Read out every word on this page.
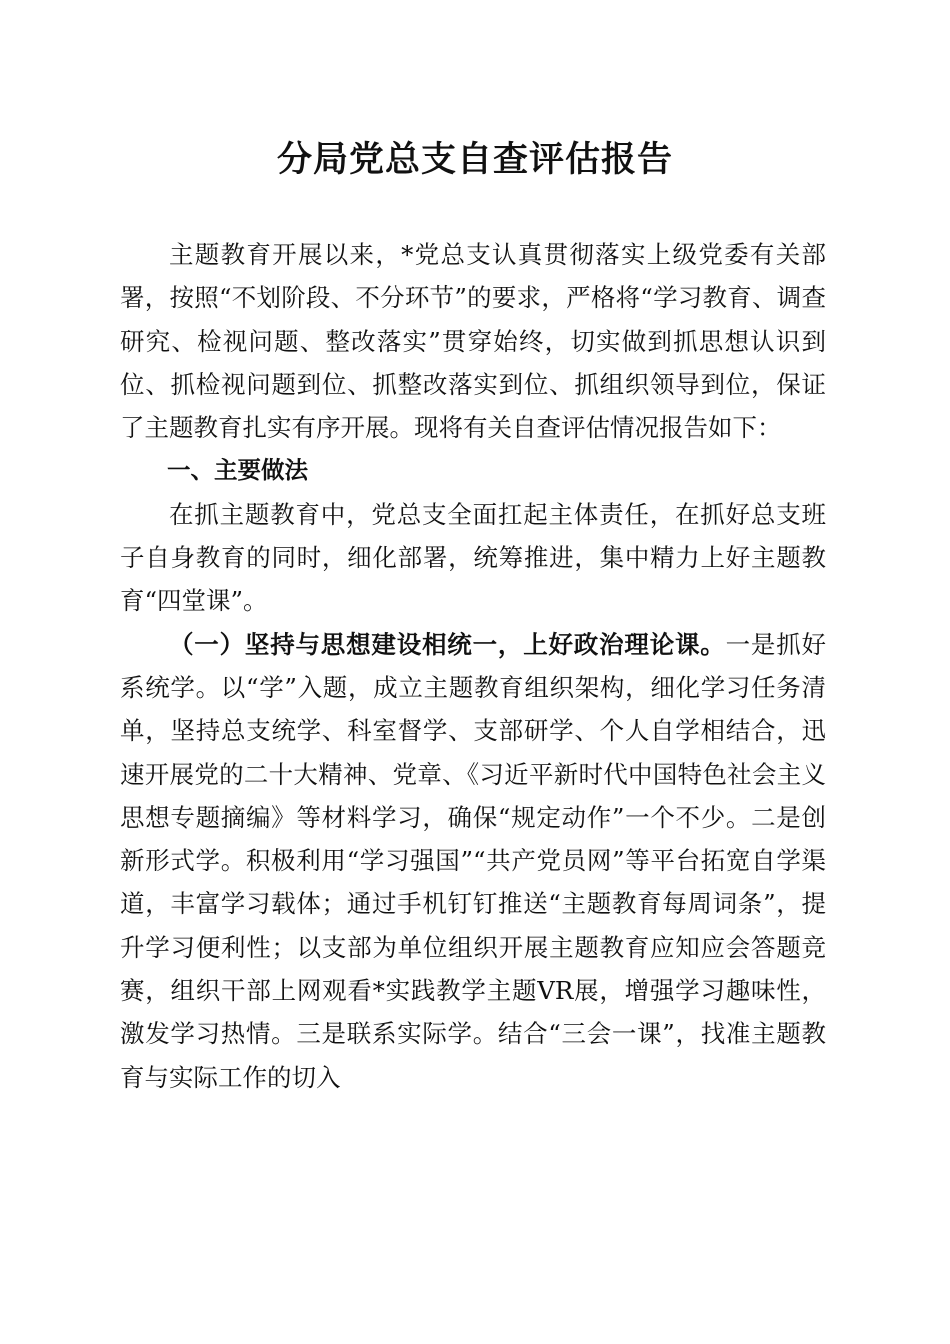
分局党总支自查评估报告

主题教育开展以来，*党总支认真贯彻落实上级党委有关部署，按照“不划阶段、不分环节”的要求，严格将“学习教育、调查研究、检视问题、整改落实”贯穿始终，切实做到抓思想认识到位、抓检视问题到位、抓整改落实到位、抓组织领导到位，保证了主题教育扎实有序开展。现将有关自查评估情况报告如下：

一、主要做法

在抓主题教育中，党总支全面扛起主体责任，在抓好总支班子自身教育的同时，细化部署，统筹推进，集中精力上好主题教育“四堂课”。

（一）坚持与思想建设相统一，上好政治理论课。一是抓好系统学。以“学”入题，成立主题教育组织架构，细化学习任务清单，坚持总支统学、科室督学、支部研学、个人自学相结合，迅速开展党的二十大精神、党章、《习近平新时代中国特色社会主义思想专题摘编》等材料学习，确保“规定动作”一个不少。二是创新形式学。积极利用“学习强国”“共产党员网”等平台拓宽自学渠道，丰富学习载体；通过手机钉钉推送“主题教育每周词条”，提升学习便利性；以支部为单位组织开展主题教育应知应会答题竞赛，组织干部上网观看*实践教学主题VR展，增强学习趣味性，激发学习热情。三是联系实际学。结合“三会一课”，找准主题教育与实际工作的切入
